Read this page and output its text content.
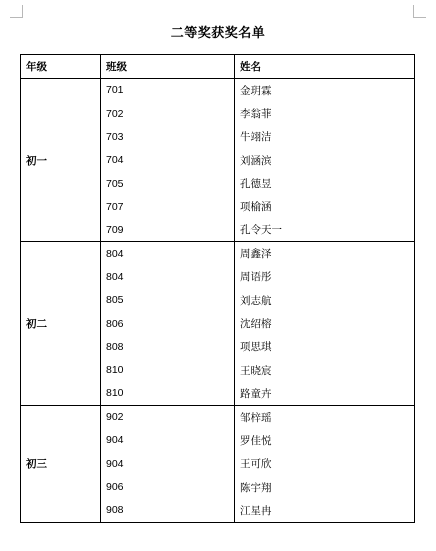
二等奖获奖名单
年级	班级	姓名
初一	701	金玥霖
	702	李翁菲
	703	牛翊洁
	704	刘涵滨
	705	孔德昱
	707	项榆涵
	709	孔令天一
初二	804	周鑫泽
	804	周语彤
	805	刘志航
	806	沈绍榕
	808	项思琪
	810	王晓宸
	810	路童卉
初三	902	邹梓瑶
	904	罗佳悦
	904	王可欣
	906	陈宇翔
	908	江星冉
